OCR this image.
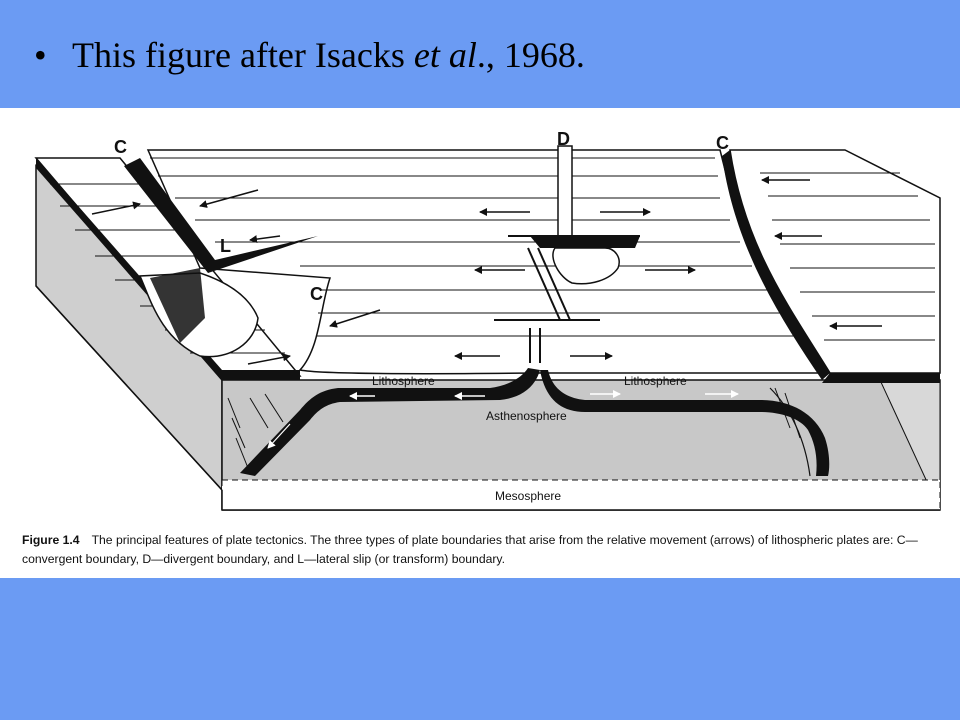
• This figure after Isacks et al., 1968.
C	D	C
L
C
Lithosphere	Lithosphere
Asthenosphere
Mesosphere
Figure 1.4 The principal features of plate tectonics. The three types of plate boundaries that arise from the relative movement (arrows) of lithospheric plates are: C—convergent boundary, D—divergent boundary, and L—lateral slip (or transform) boundary.
